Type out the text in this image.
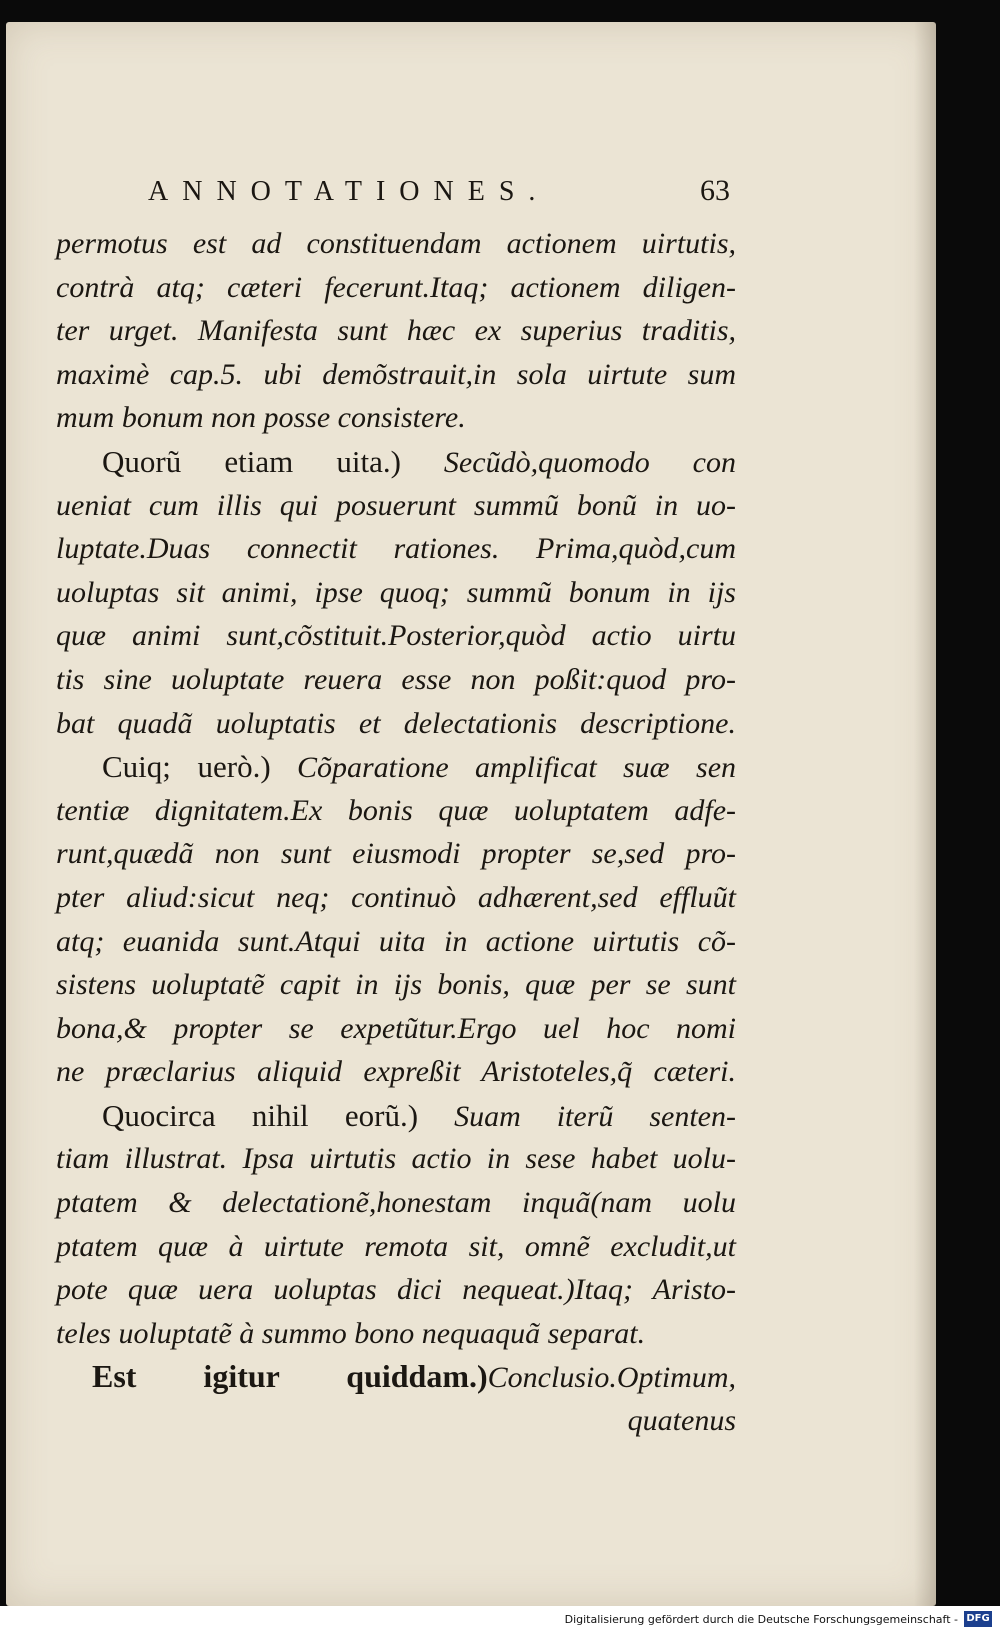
ANNOTATIONES.	63
permotus est ad constituendam actionem uirtutis,
contrà atq; cæteri fecerunt.Itaq; actionem diligen-
ter urget. Manifesta sunt hæc ex superius traditis,
maximè cap.5. ubi demõstrauit,in sola uirtute sum
mum bonum non posse consistere.
Quorũ etiam uita.) Secũdò,quomodo con
ueniat cum illis qui posuerunt summũ bonũ in uo-
luptate.Duas connectit rationes. Prima,quòd,cum
uoluptas sit animi, ipse quoq; summũ bonum in ijs
quæ animi sunt,cõstituit.Posterior,quòd actio uirtu
tis sine uoluptate reuera esse non poßit:quod pro-
bat quadã uoluptatis et delectationis descriptione.
Cuiq; uerò.) Cõparatione amplificat suæ sen
tentiæ dignitatem.Ex bonis quæ uoluptatem adfe-
runt,quædã non sunt eiusmodi propter se,sed pro-
pter aliud:sicut neq; continuò adhærent,sed effluũt
atq; euanida sunt.Atqui uita in actione uirtutis cõ-
sistens uoluptatẽ capit in ijs bonis, quæ per se sunt
bona,& propter se expetũtur.Ergo uel hoc nomi
ne præclarius aliquid expreßit Aristoteles,q̃ cæteri.
Quocirca nihil eorũ.) Suam iterũ senten-
tiam illustrat. Ipsa uirtutis actio in sese habet uolu-
ptatem & delectationẽ,honestam inquã(nam uolu
ptatem quæ à uirtute remota sit, omnẽ excludit,ut
pote quæ uera uoluptas dici nequeat.)Itaq; Aristo-
teles uoluptatẽ à summo bono nequaquã separat.
Est igitur quiddam.)Conclusio.Optimum,
quatenus
Digitalisierung gefördert durch die Deutsche Forschungsgemeinschaft - DFG
